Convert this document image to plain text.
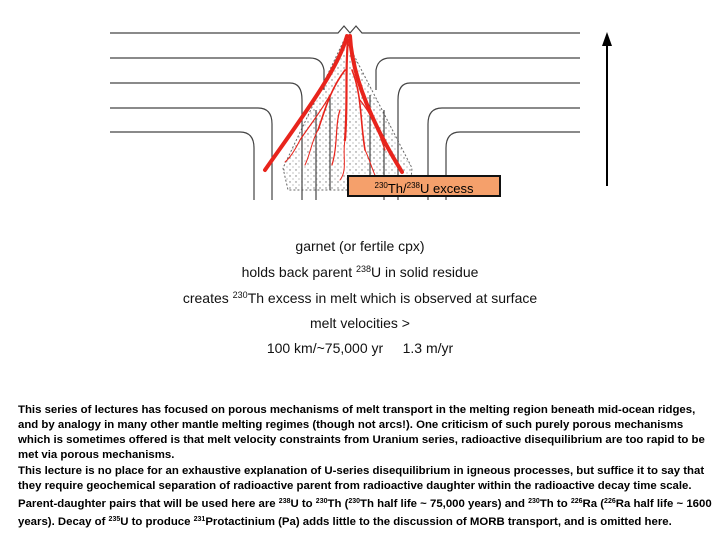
$^{230}$Th/$^{238}$U excess
garnet (or fertile cpx)
holds back parent $^{238}$U in solid residue
creates $^{230}$Th excess in melt which is observed at surface
melt velocities >
100 km/~75,000 yr     1.3 m/yr
This series of lectures has focused on porous mechanisms of melt transport in the melting region beneath mid-ocean ridges, and by analogy in many other mantle melting regimes (though not arcs!). One criticism of such purely porous mechanisms which is sometimes offered is that melt velocity constraints from Uranium series, radioactive disequilibrium are too rapid to be met via porous mechanisms.
This lecture is no place for an exhaustive explanation of U-series disequilibrium in igneous processes, but suffice it to say that they require geochemical separation of radioactive parent from radioactive daughter within the radioactive decay time scale. Parent-daughter pairs that will be used here are $^{238}$U to $^{230}$Th ($^{230}$Th half life ~ 75,000 years) and $^{230}$Th to $^{226}$Ra ($^{226}$Ra half life ~ 1600 years). Decay of $^{235}$U to produce $^{231}$Protactinium (Pa) adds little to the discussion of MORB transport, and is omitted here.
